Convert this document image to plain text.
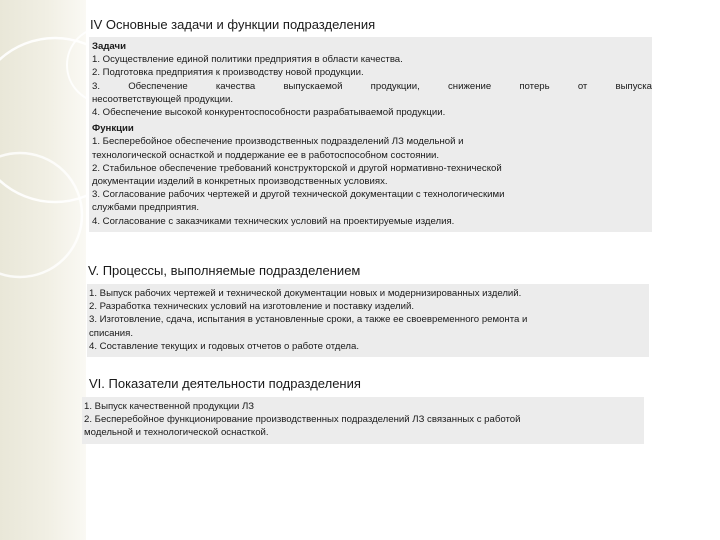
IV Основные задачи и функции подразделения
Задачи
1. Осуществление единой политики предприятия в области качества.
2. Подготовка предприятия к производству новой продукции.
3.	Обеспечение	качества	выпускаемой	продукции,	снижение	потерь	от	выпуска
несоответствующей продукции.
4. Обеспечение высокой конкурентоспособности разрабатываемой продукции.
Функции
1. Бесперебойное обеспечение производственных подразделений ЛЗ модельной и
технологической оснасткой и поддержание ее в работоспособном состоянии.
2. Стабильное обеспечение требований конструкторской и другой нормативно-технической
документации изделий в конкретных производственных условиях.
3. Согласование рабочих чертежей и другой технической документации с технологическими
службами предприятия.
4. Согласование с заказчиками технических условий на проектируемые изделия.
V. Процессы, выполняемые подразделением
1. Выпуск рабочих чертежей и технической документации новых и модернизированных изделий.
2. Разработка технических условий на изготовление и поставку изделий.
3. Изготовление, сдача, испытания в установленные сроки, а также ее своевременного ремонта и
списания.
4. Составление текущих и годовых отчетов о работе отдела.
VI. Показатели деятельности подразделения
1. Выпуск качественной продукции ЛЗ
2. Бесперебойное функционирование производственных подразделений ЛЗ связанных с работой
модельной и технологической оснасткой.
